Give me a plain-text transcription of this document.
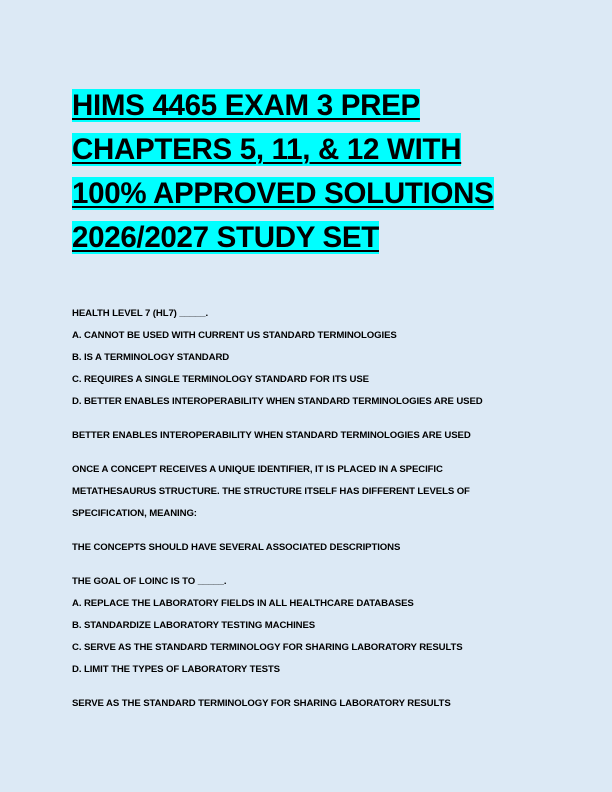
HIMS 4465 EXAM 3 PREP
CHAPTERS 5, 11, & 12 WITH
100% APPROVED SOLUTIONS
2026/2027 STUDY SET
HEALTH LEVEL 7 (HL7) _____.
A. CANNOT BE USED WITH CURRENT US STANDARD TERMINOLOGIES
B. IS A TERMINOLOGY STANDARD
C. REQUIRES A SINGLE TERMINOLOGY STANDARD FOR ITS USE
D. BETTER ENABLES INTEROPERABILITY WHEN STANDARD TERMINOLOGIES ARE USED
BETTER ENABLES INTEROPERABILITY WHEN STANDARD TERMINOLOGIES ARE USED
ONCE A CONCEPT RECEIVES A UNIQUE IDENTIFIER, IT IS PLACED IN A SPECIFIC
METATHESAURUS STRUCTURE. THE STRUCTURE ITSELF HAS DIFFERENT LEVELS OF
SPECIFICATION, MEANING:
THE CONCEPTS SHOULD HAVE SEVERAL ASSOCIATED DESCRIPTIONS
THE GOAL OF LOINC IS TO _____.
A. REPLACE THE LABORATORY FIELDS IN ALL HEALTHCARE DATABASES
B. STANDARDIZE LABORATORY TESTING MACHINES
C. SERVE AS THE STANDARD TERMINOLOGY FOR SHARING LABORATORY RESULTS
D. LIMIT THE TYPES OF LABORATORY TESTS
SERVE AS THE STANDARD TERMINOLOGY FOR SHARING LABORATORY RESULTS
